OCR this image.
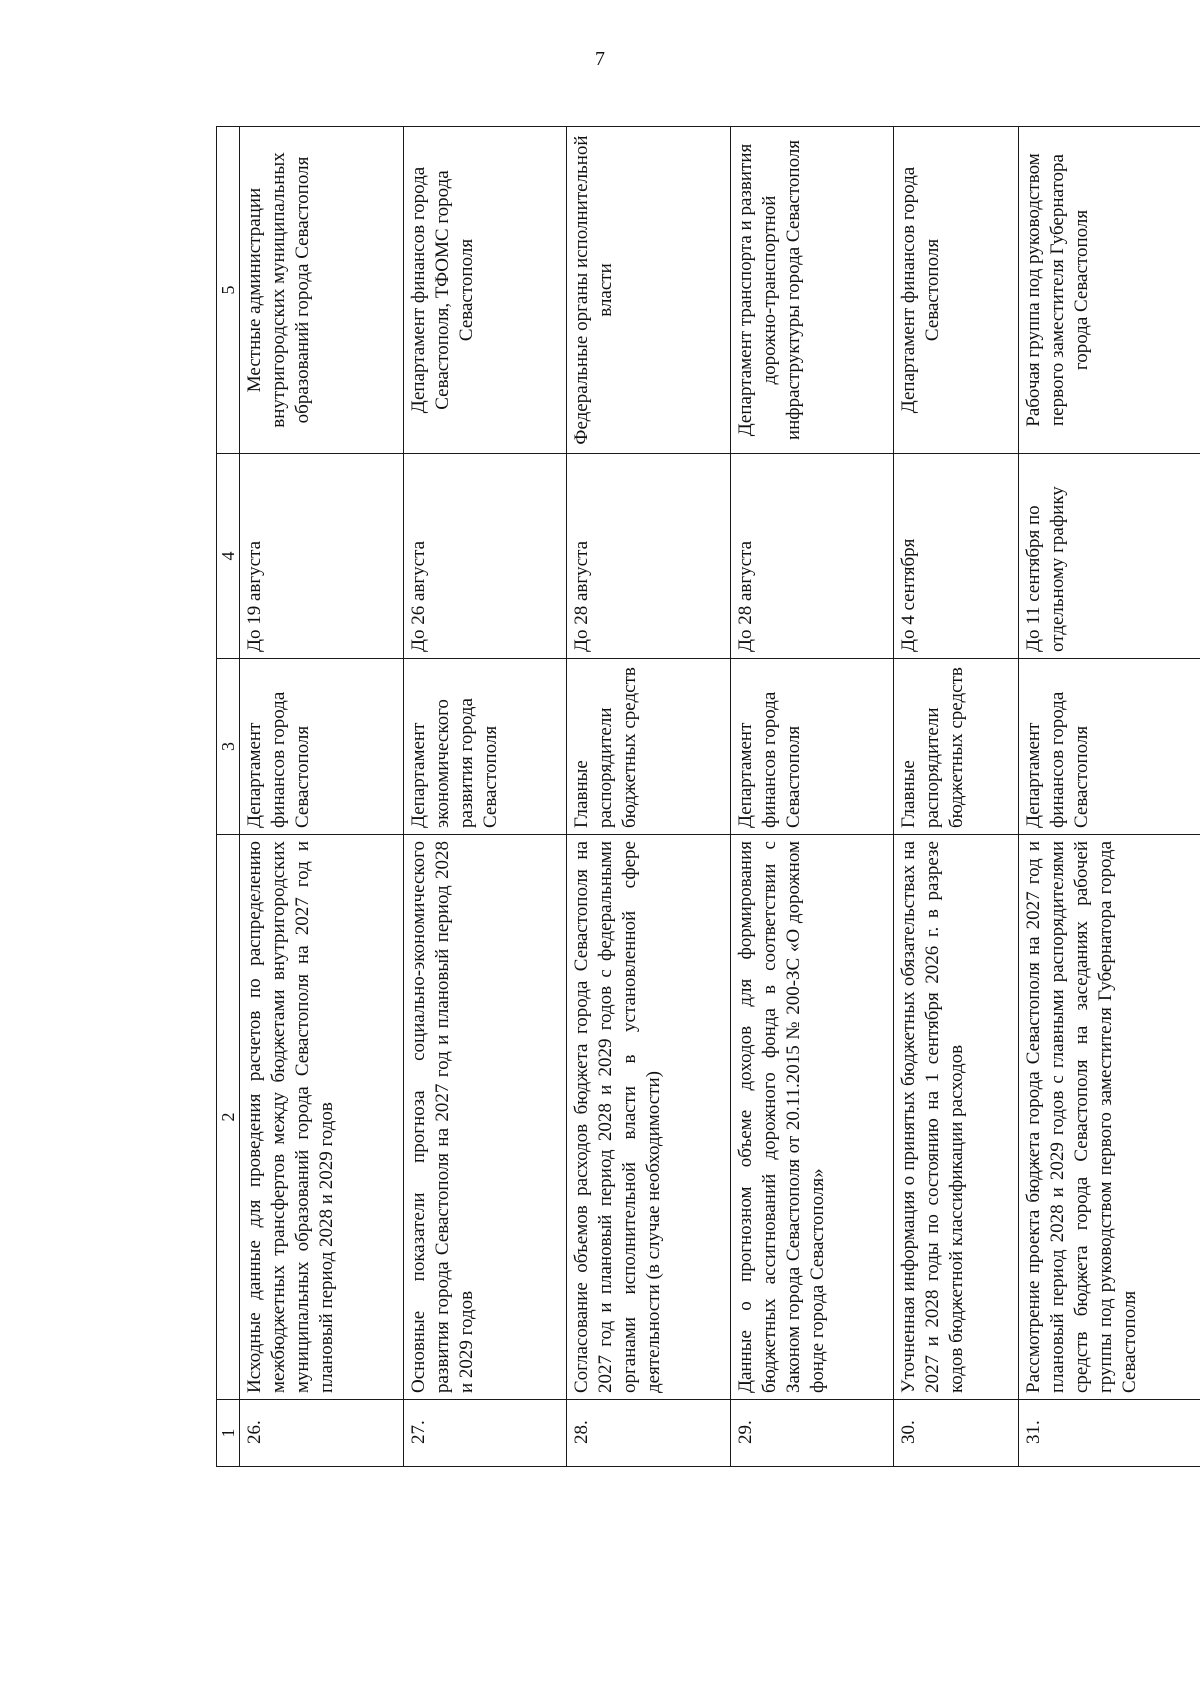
7
1	2	3	4	5
26.	Исходные данные для проведения расчетов по распределению межбюджетных трансфертов между бюджетами внутригородских муниципальных образований города Севастополя на 2027 год и плановый период 2028 и 2029 годов	Департамент финансов города Севастополя	До 19 августа	Местные администрации внутригородских муниципальных образований города Севастополя
27.	Основные показатели прогноза социально-экономического развития города Севастополя на 2027 год и плановый период 2028 и 2029 годов	Департамент экономического развития города Севастополя	До 26 августа	Департамент финансов города Севастополя, ТФОМС города Севастополя
28.	Согласование объемов расходов бюджета города Севастополя на 2027 год и плановый период 2028 и 2029 годов с федеральными органами исполнительной власти в установленной сфере деятельности (в случае необходимости)	Главные распорядители бюджетных средств	До 28 августа	Федеральные органы исполнительной власти
29.	Данные о прогнозном объеме доходов для формирования бюджетных ассигнований дорожного фонда в соответствии с Законом города Севастополя от 20.11.2015 № 200-ЗС «О дорожном фонде города Севастополя»	Департамент финансов города Севастополя	До 28 августа	Департамент транспорта и развития дорожно-транспортной инфраструктуры города Севастополя
30.	Уточненная информация о принятых бюджетных обязательствах на 2027 и 2028 годы по состоянию на 1 сентября 2026 г. в разрезе кодов бюджетной классификации расходов	Главные распорядители бюджетных средств	До 4 сентября	Департамент финансов города Севастополя
31.	Рассмотрение проекта бюджета города Севастополя на 2027 год и плановый период 2028 и 2029 годов с главными распорядителями средств бюджета города Севастополя на заседаниях рабочей группы под руководством первого заместителя Губернатора города Севастополя	Департамент финансов города Севастополя	До 11 сентября по отдельному графику	Рабочая группа под руководством первого заместителя Губернатора города Севастополя
